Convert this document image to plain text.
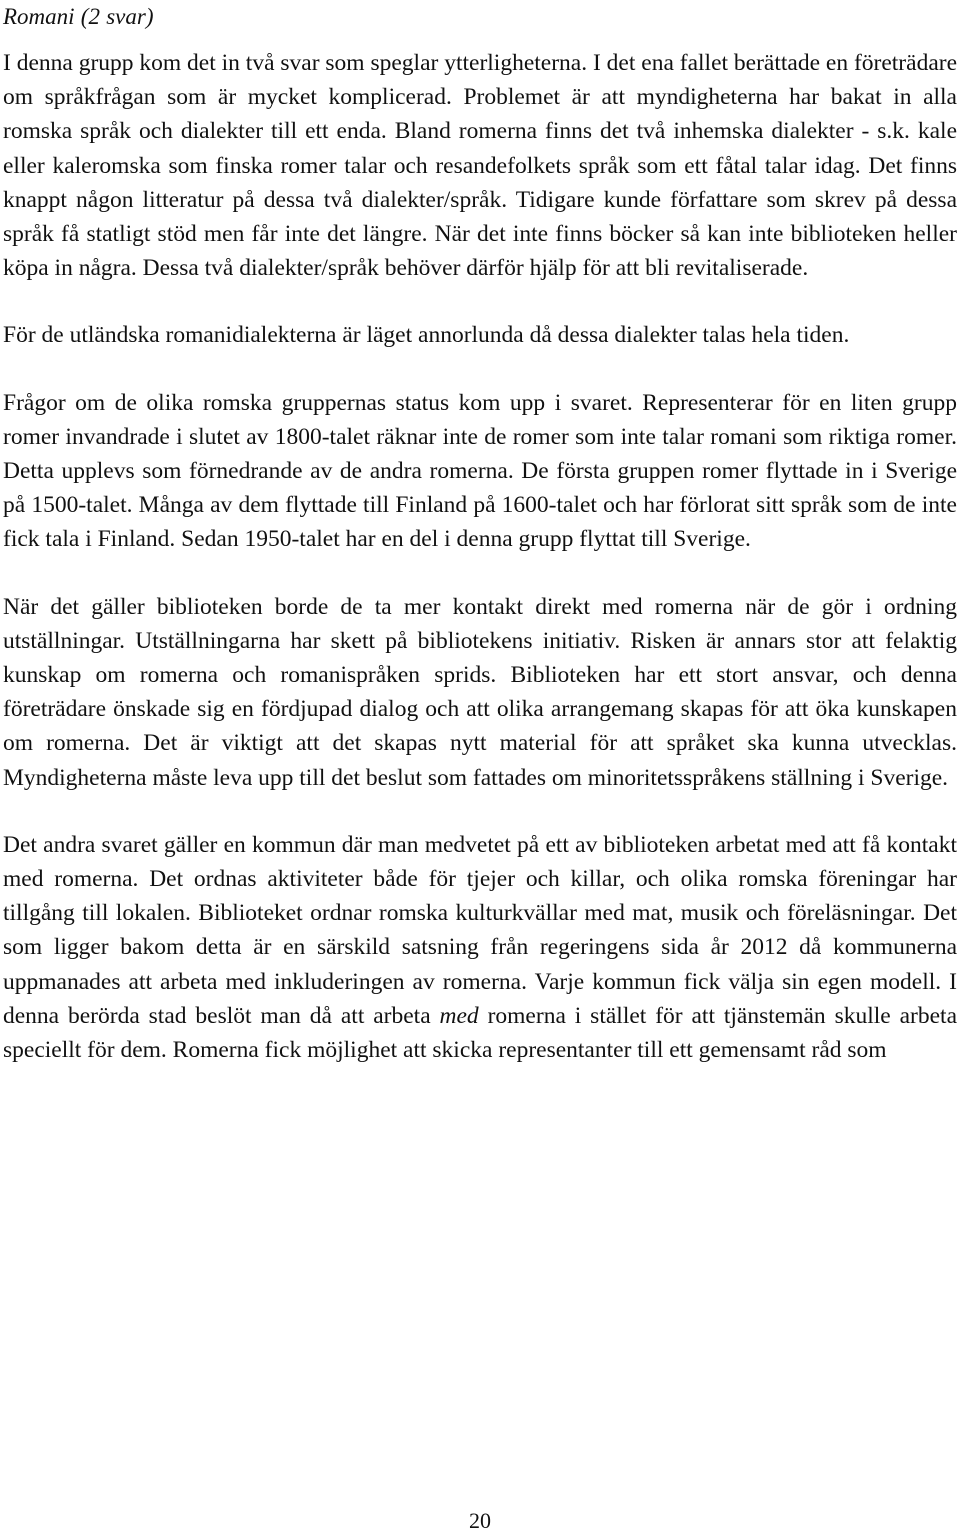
Romani (2 svar)

I denna grupp kom det in två svar som speglar ytterligheterna. I det ena fallet berättade en företrädare om språkfrågan som är mycket komplicerad. Problemet är att myndigheterna har bakat in alla romska språk och dialekter till ett enda. Bland romerna finns det två inhemska dialekter - s.k. kale eller kaleromska som finska romer talar och resandefolkets språk som ett fåtal talar idag. Det finns knappt någon litteratur på dessa två dialekter/språk. Tidigare kunde författare som skrev på dessa språk få statligt stöd men får inte det längre. När det inte finns böcker så kan inte biblioteken heller köpa in några. Dessa två dialekter/språk behöver därför hjälp för att bli revitaliserade.

För de utländska romanidialekterna är läget annorlunda då dessa dialekter talas hela tiden.

Frågor om de olika romska gruppernas status kom upp i svaret. Representerar för en liten grupp romer invandrade i slutet av 1800-talet räknar inte de romer som inte talar romani som riktiga romer. Detta upplevs som förnedrande av de andra romerna. De första gruppen romer flyttade in i Sverige på 1500-talet. Många av dem flyttade till Finland på 1600-talet och har förlorat sitt språk som de inte fick tala i Finland. Sedan 1950-talet har en del i denna grupp flyttat till Sverige.

När det gäller biblioteken borde de ta mer kontakt direkt med romerna när de gör i ordning utställningar. Utställningarna har skett på bibliotekens initiativ. Risken är annars stor att felaktig kunskap om romerna och romanispråken sprids. Biblioteken har ett stort ansvar, och denna företrädare önskade sig en fördjupad dialog och att olika arrangemang skapas för att öka kunskapen om romerna. Det är viktigt att det skapas nytt material för att språket ska kunna utvecklas. Myndigheterna måste leva upp till det beslut som fattades om minoritetsspråkens ställning i Sverige.

Det andra svaret gäller en kommun där man medvetet på ett av biblioteken arbetat med att få kontakt med romerna. Det ordnas aktiviteter både för tjejer och killar, och olika romska föreningar har tillgång till lokalen. Biblioteket ordnar romska kulturkvällar med mat, musik och föreläsningar. Det som ligger bakom detta är en särskild satsning från regeringens sida år 2012 då kommunerna uppmanades att arbeta med inkluderingen av romerna. Varje kommun fick välja sin egen modell. I denna berörda stad beslöt man då att arbeta med romerna i stället för att tjänstemän skulle arbeta speciellt för dem. Romerna fick möjlighet att skicka representanter till ett gemensamt råd som

20
